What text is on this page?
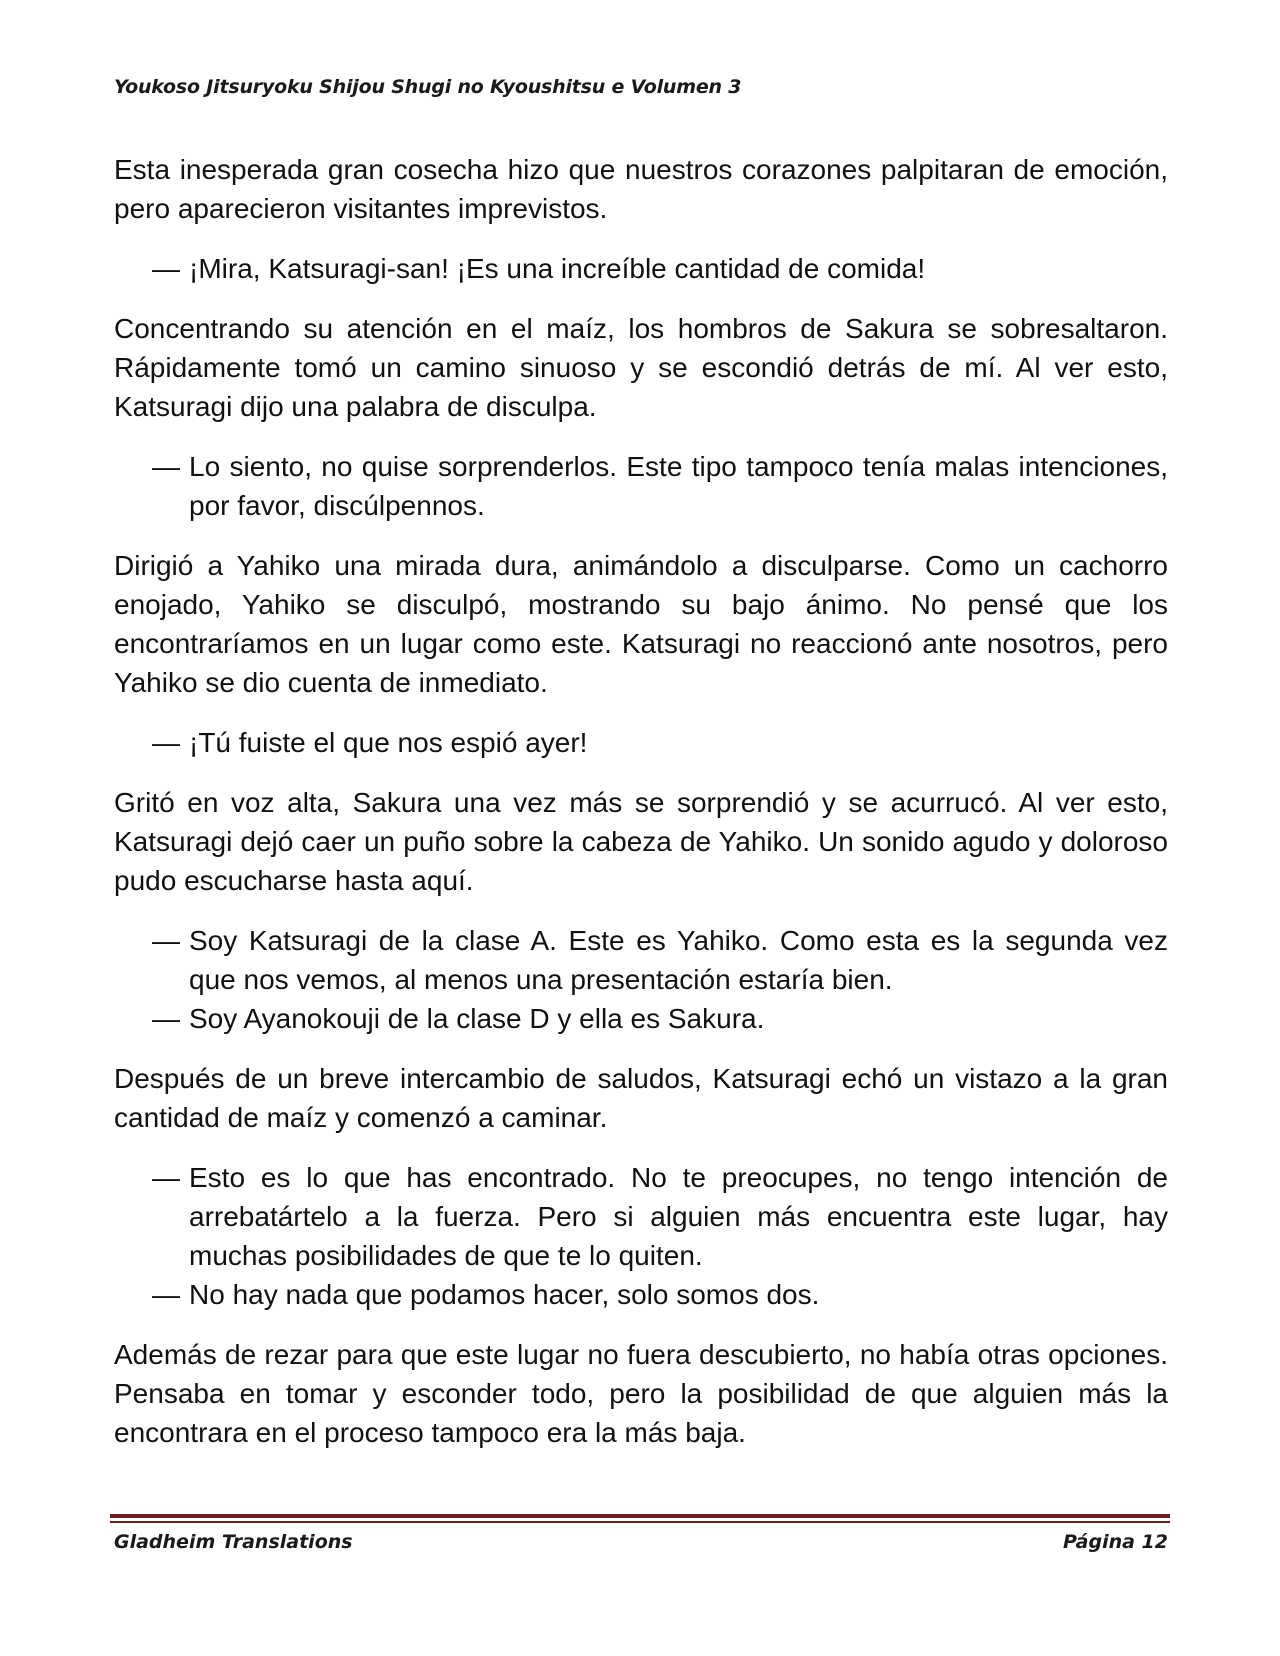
Youkoso Jitsuryoku Shijou Shugi no Kyoushitsu e Volumen 3

Esta inesperada gran cosecha hizo que nuestros corazones palpitaran de emoción, pero aparecieron visitantes imprevistos.

— ¡Mira, Katsuragi-san! ¡Es una increíble cantidad de comida!

Concentrando su atención en el maíz, los hombros de Sakura se sobresaltaron. Rápidamente tomó un camino sinuoso y se escondió detrás de mí. Al ver esto, Katsuragi dijo una palabra de disculpa.

— Lo siento, no quise sorprenderlos. Este tipo tampoco tenía malas intenciones, por favor, discúlpennos.

Dirigió a Yahiko una mirada dura, animándolo a disculparse. Como un cachorro enojado, Yahiko se disculpó, mostrando su bajo ánimo. No pensé que los encontraríamos en un lugar como este. Katsuragi no reaccionó ante nosotros, pero Yahiko se dio cuenta de inmediato.

— ¡Tú fuiste el que nos espió ayer!

Gritó en voz alta, Sakura una vez más se sorprendió y se acurrucó. Al ver esto, Katsuragi dejó caer un puño sobre la cabeza de Yahiko. Un sonido agudo y doloroso pudo escucharse hasta aquí.

— Soy Katsuragi de la clase A. Este es Yahiko. Como esta es la segunda vez que nos vemos, al menos una presentación estaría bien.

— Soy Ayanokouji de la clase D y ella es Sakura.

Después de un breve intercambio de saludos, Katsuragi echó un vistazo a la gran cantidad de maíz y comenzó a caminar.

— Esto es lo que has encontrado. No te preocupes, no tengo intención de arrebatártelo a la fuerza. Pero si alguien más encuentra este lugar, hay muchas posibilidades de que te lo quiten.

— No hay nada que podamos hacer, solo somos dos.

Además de rezar para que este lugar no fuera descubierto, no había otras opciones. Pensaba en tomar y esconder todo, pero la posibilidad de que alguien más la encontrara en el proceso tampoco era la más baja.

Gladheim Translations	Página 12
